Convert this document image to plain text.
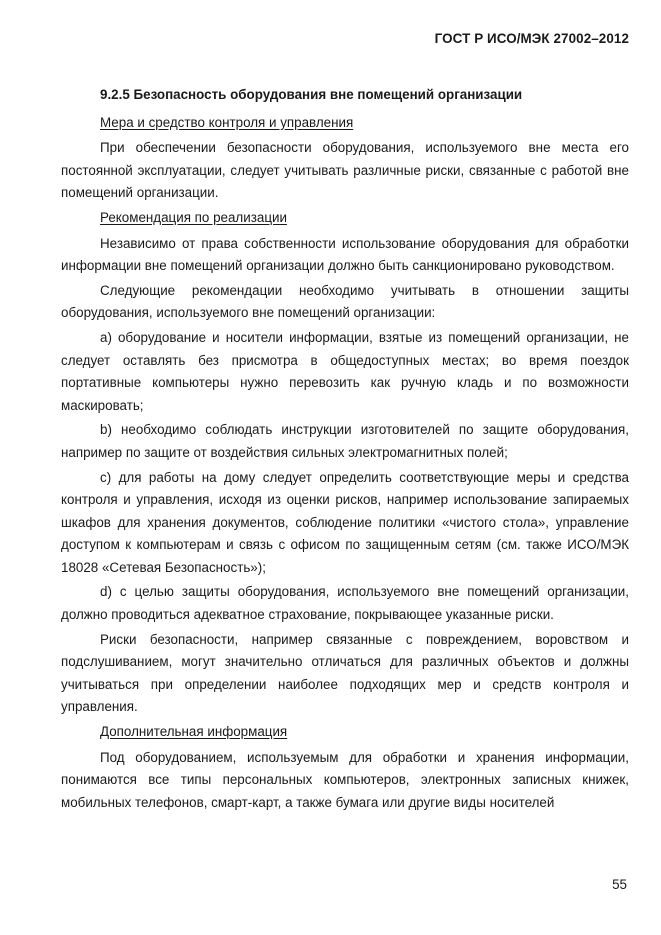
ГОСТ Р ИСО/МЭК 27002–2012

9.2.5 Безопасность оборудования вне помещений организации

Мера и средство контроля и управления

При обеспечении безопасности оборудования, используемого вне места его постоянной эксплуатации, следует учитывать различные риски, связанные с работой вне помещений организации.

Рекомендация по реализации

Независимо от права собственности использование оборудования для обработки информации вне помещений организации должно быть санкционировано руководством.

Следующие рекомендации необходимо учитывать в отношении защиты оборудования, используемого вне помещений организации:

а) оборудование и носители информации, взятые из помещений организации, не следует оставлять без присмотра в общедоступных местах; во время поездок портативные компьютеры нужно перевозить как ручную кладь и по возможности маскировать;

b) необходимо соблюдать инструкции изготовителей по защите оборудования, например по защите от воздействия сильных электромагнитных полей;

c) для работы на дому следует определить соответствующие меры и средства контроля и управления, исходя из оценки рисков, например использование запираемых шкафов для хранения документов, соблюдение политики «чистого стола», управление доступом к компьютерам и связь с офисом по защищенным сетям (см. также ИСО/МЭК 18028 «Сетевая Безопасность»);

d) с целью защиты оборудования, используемого вне помещений организации, должно проводиться адекватное страхование, покрывающее указанные риски.

Риски безопасности, например связанные с повреждением, воровством и подслушиванием, могут значительно отличаться для различных объектов и должны учитываться при определении наиболее подходящих мер и средств контроля и управления.

Дополнительная информация

Под оборудованием, используемым для обработки и хранения информации, понимаются все типы персональных компьютеров, электронных записных книжек, мобильных телефонов, смарт-карт, а также бумага или другие виды носителей

55
